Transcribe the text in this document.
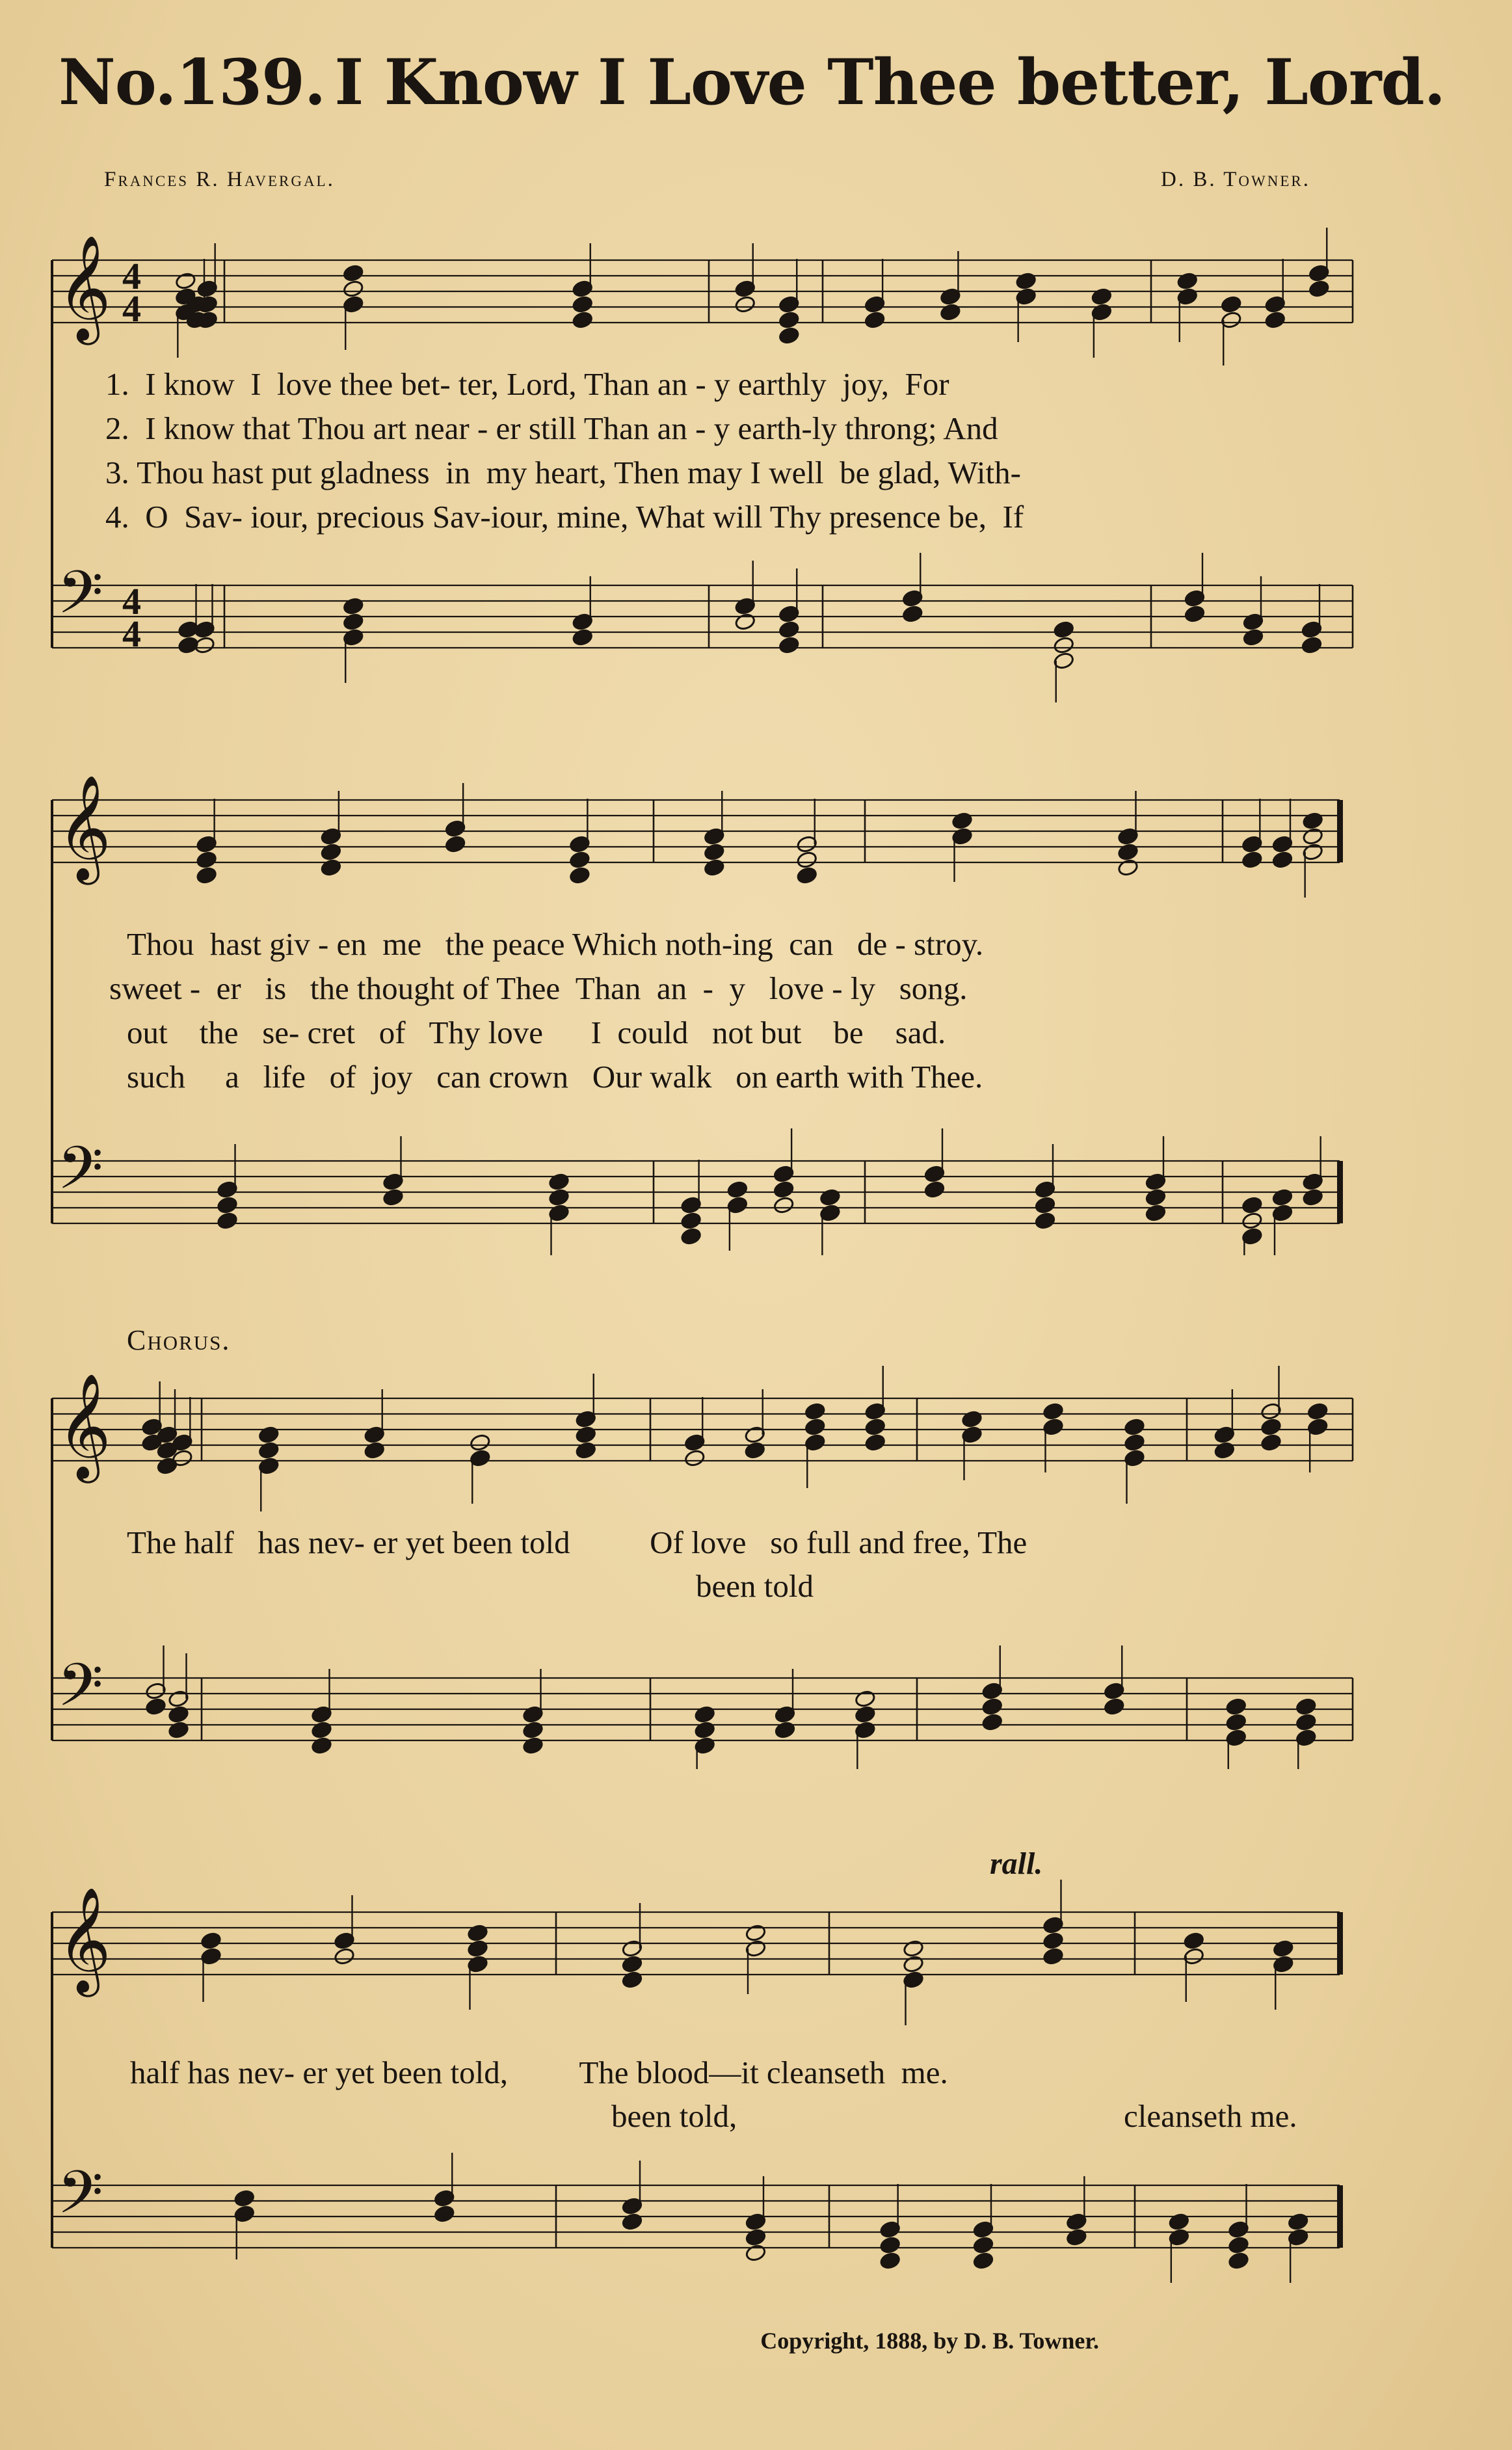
No.139. I Know I Love Thee better, Lord.
Frances R. Havergal.	D. B. Towner.
𝄞 4
4
𝄢 4
4
1.  I know  I  love thee bet- ter, Lord, Than an - y earthly  joy,  For
2.  I know that Thou art near - er still Than an - y earth-ly throng; And
3. Thou hast put gladness  in  my heart, Then may I well  be glad, With-
4.  O  Sav- iour, precious Sav-iour, mine, What will Thy presence be,  If
𝄞
𝄢
Thou  hast giv - en  me   the peace Which noth-ing  can   de - stroy.
sweet -  er   is   the thought of Thee  Than  an  -  y   love - ly   song.
out    the   se- cret   of   Thy love      I  could   not but    be    sad.
such     a   life   of  joy   can crown   Our walk   on earth with Thee.
Chorus.
𝄞
𝄢
The half   has nev- er yet been told          Of love   so full and free, The
been told
rall.
𝄞
𝄢
half has nev- er yet been told,         The blood—it cleanseth  me.
been told,	cleanseth me.
Copyright, 1888, by D. B. Towner.
